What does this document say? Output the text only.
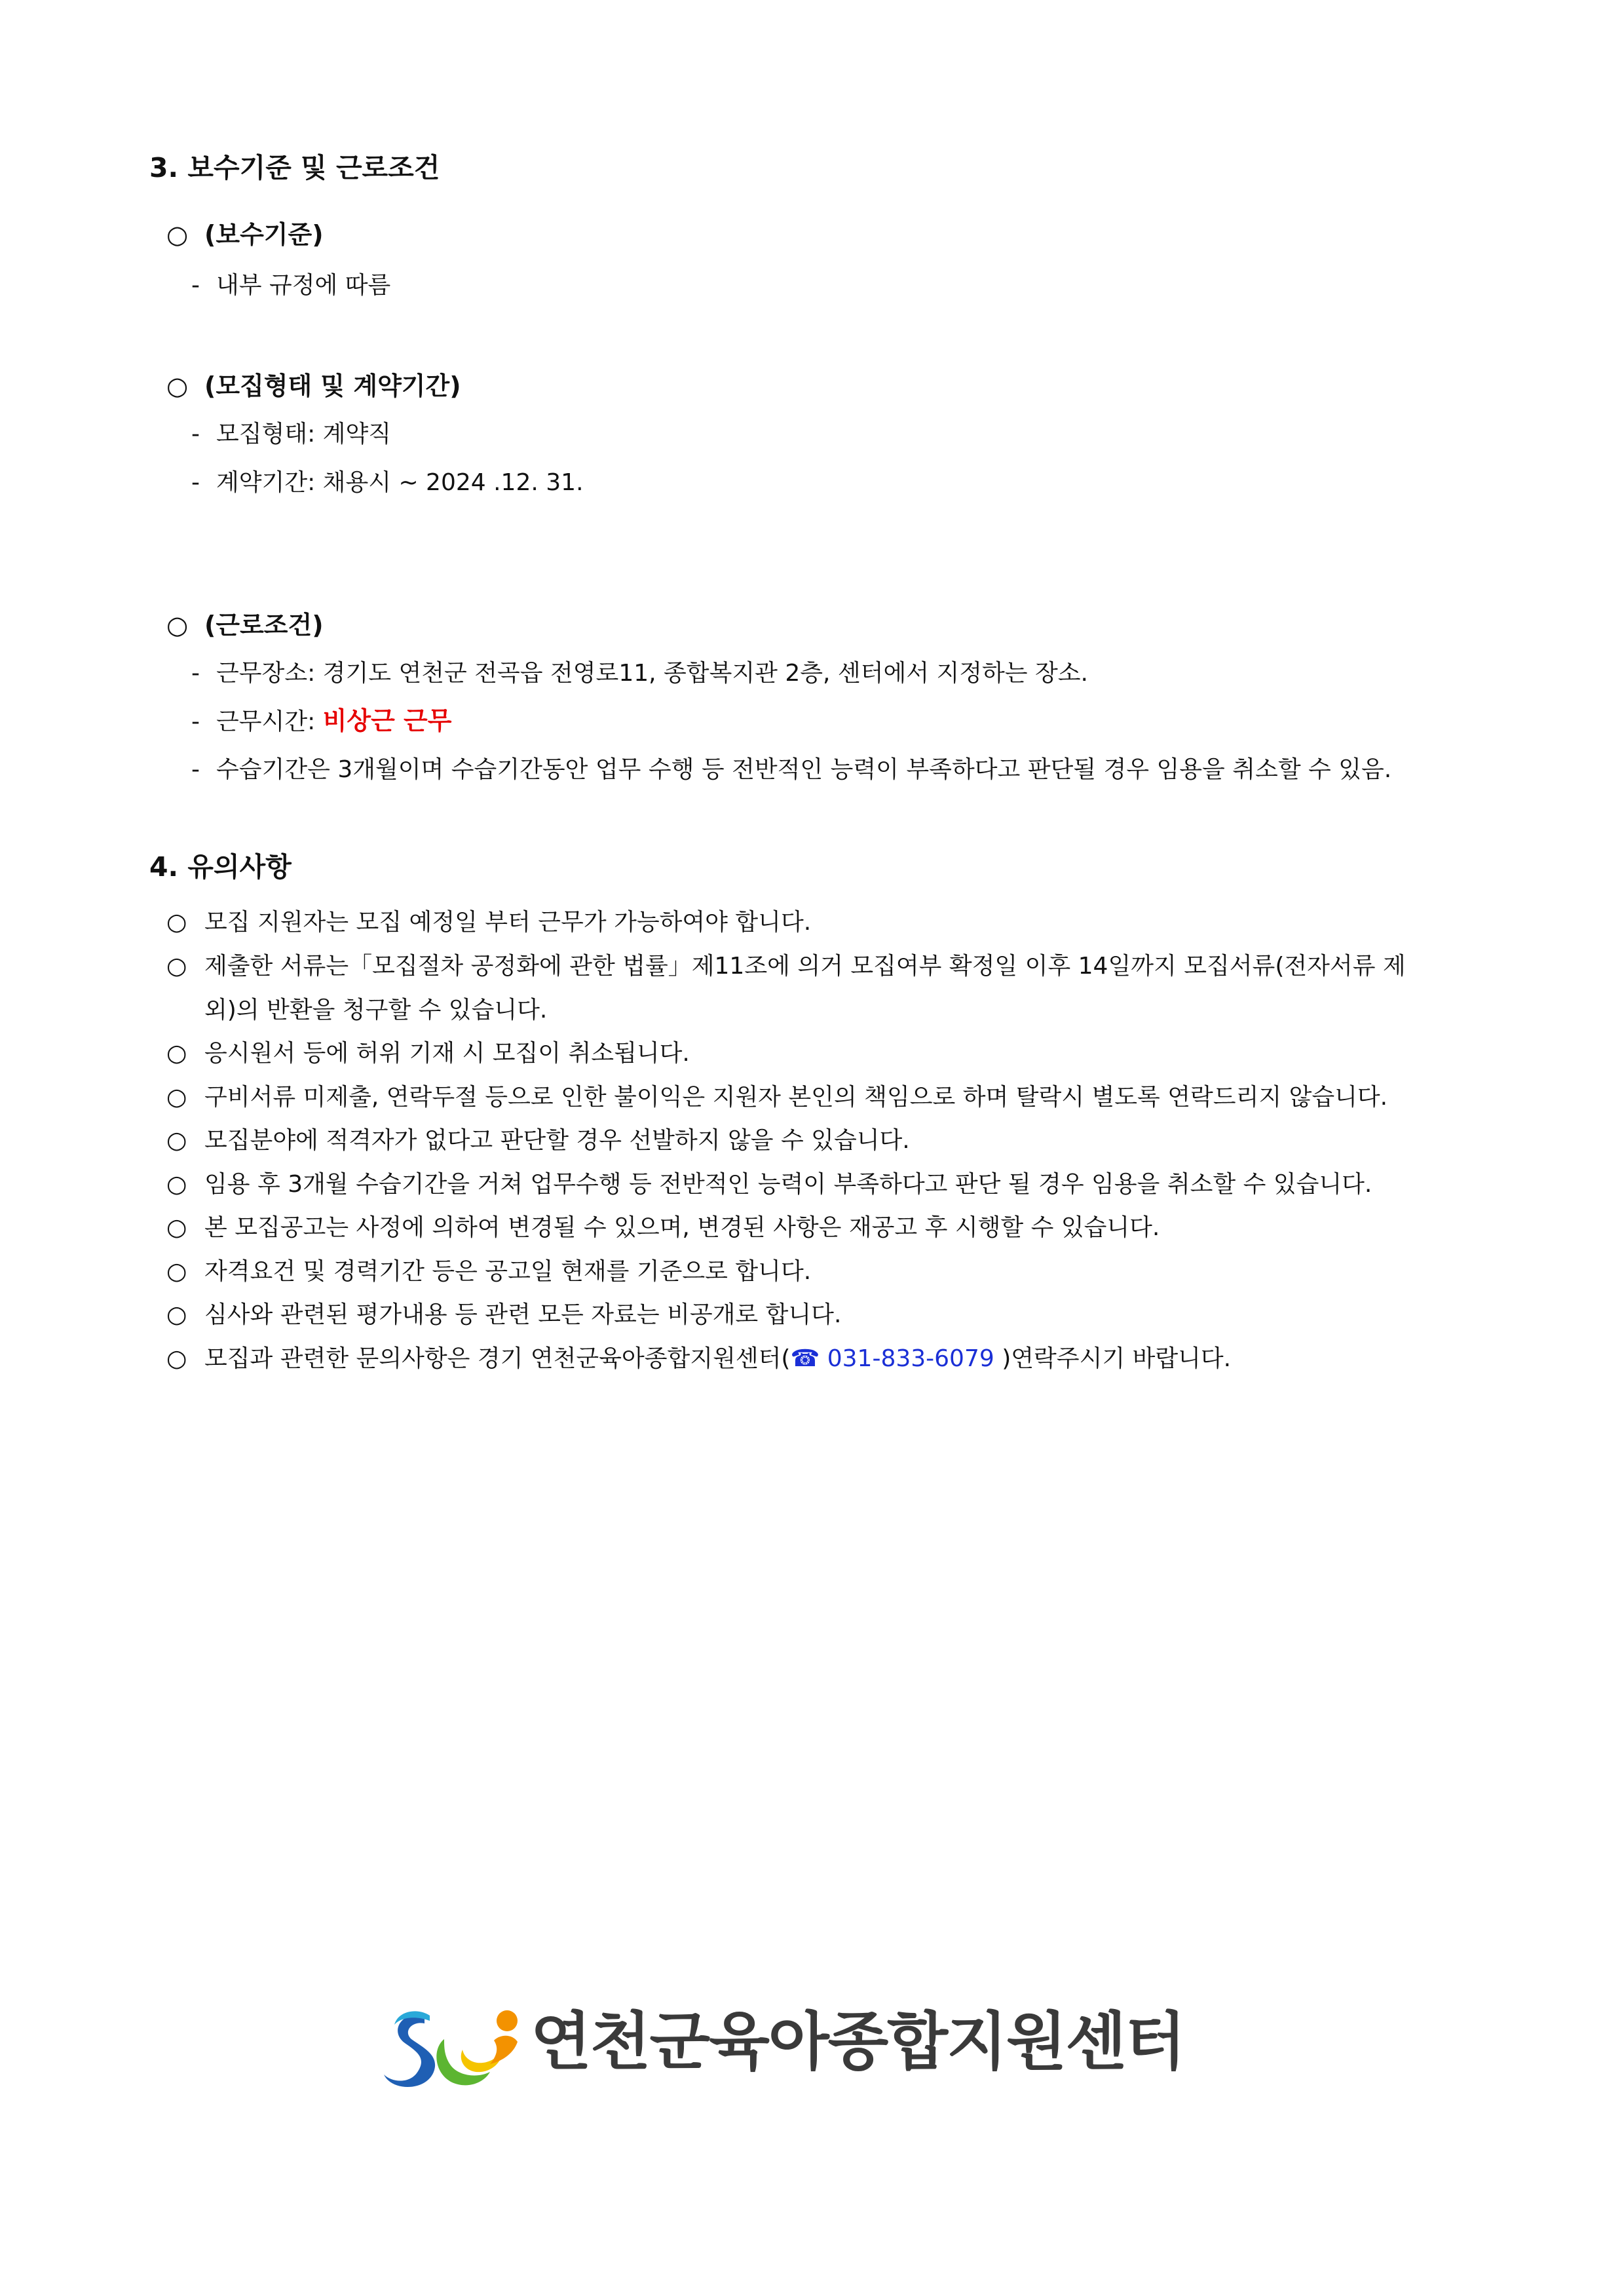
3. 보수기준 및 근로조건
○ (보수기준)
- 내부 규정에 따름
○ (모집형태 및 계약기간)
- 모집형태: 계약직
- 계약기간: 채용시 ~ 2024 .12. 31.
○ (근로조건)
- 근무장소: 경기도 연천군 전곡읍 전영로11, 종합복지관 2층, 센터에서 지정하는 장소.
- 근무시간: 비상근 근무
- 수습기간은 3개월이며 수습기간동안 업무 수행 등 전반적인 능력이 부족하다고 판단될 경우 임용을 취소할 수 있음.
4. 유의사항
○ 모집 지원자는 모집 예정일 부터 근무가 가능하여야 합니다.
○ 제출한 서류는「모집절차 공정화에 관한 법률」제11조에 의거 모집여부 확정일 이후 14일까지 모집서류(전자서류 제
외)의 반환을 청구할 수 있습니다.
○ 응시원서 등에 허위 기재 시 모집이 취소됩니다.
○ 구비서류 미제출, 연락두절 등으로 인한 불이익은 지원자 본인의 책임으로 하며 탈락시 별도록 연락드리지 않습니다.
○ 모집분야에 적격자가 없다고 판단할 경우 선발하지 않을 수 있습니다.
○ 임용 후 3개월 수습기간을 거쳐 업무수행 등 전반적인 능력이 부족하다고 판단 될 경우 임용을 취소할 수 있습니다.
○ 본 모집공고는 사정에 의하여 변경될 수 있으며, 변경된 사항은 재공고 후 시행할 수 있습니다.
○ 자격요건 및 경력기간 등은 공고일 현재를 기준으로 합니다.
○ 심사와 관련된 평가내용 등 관련 모든 자료는 비공개로 합니다.
○ 모집과 관련한 문의사항은 경기 연천군육아종합지원센터(☎ 031-833-6079 )연락주시기 바랍니다.
연천군육아종합지원센터
